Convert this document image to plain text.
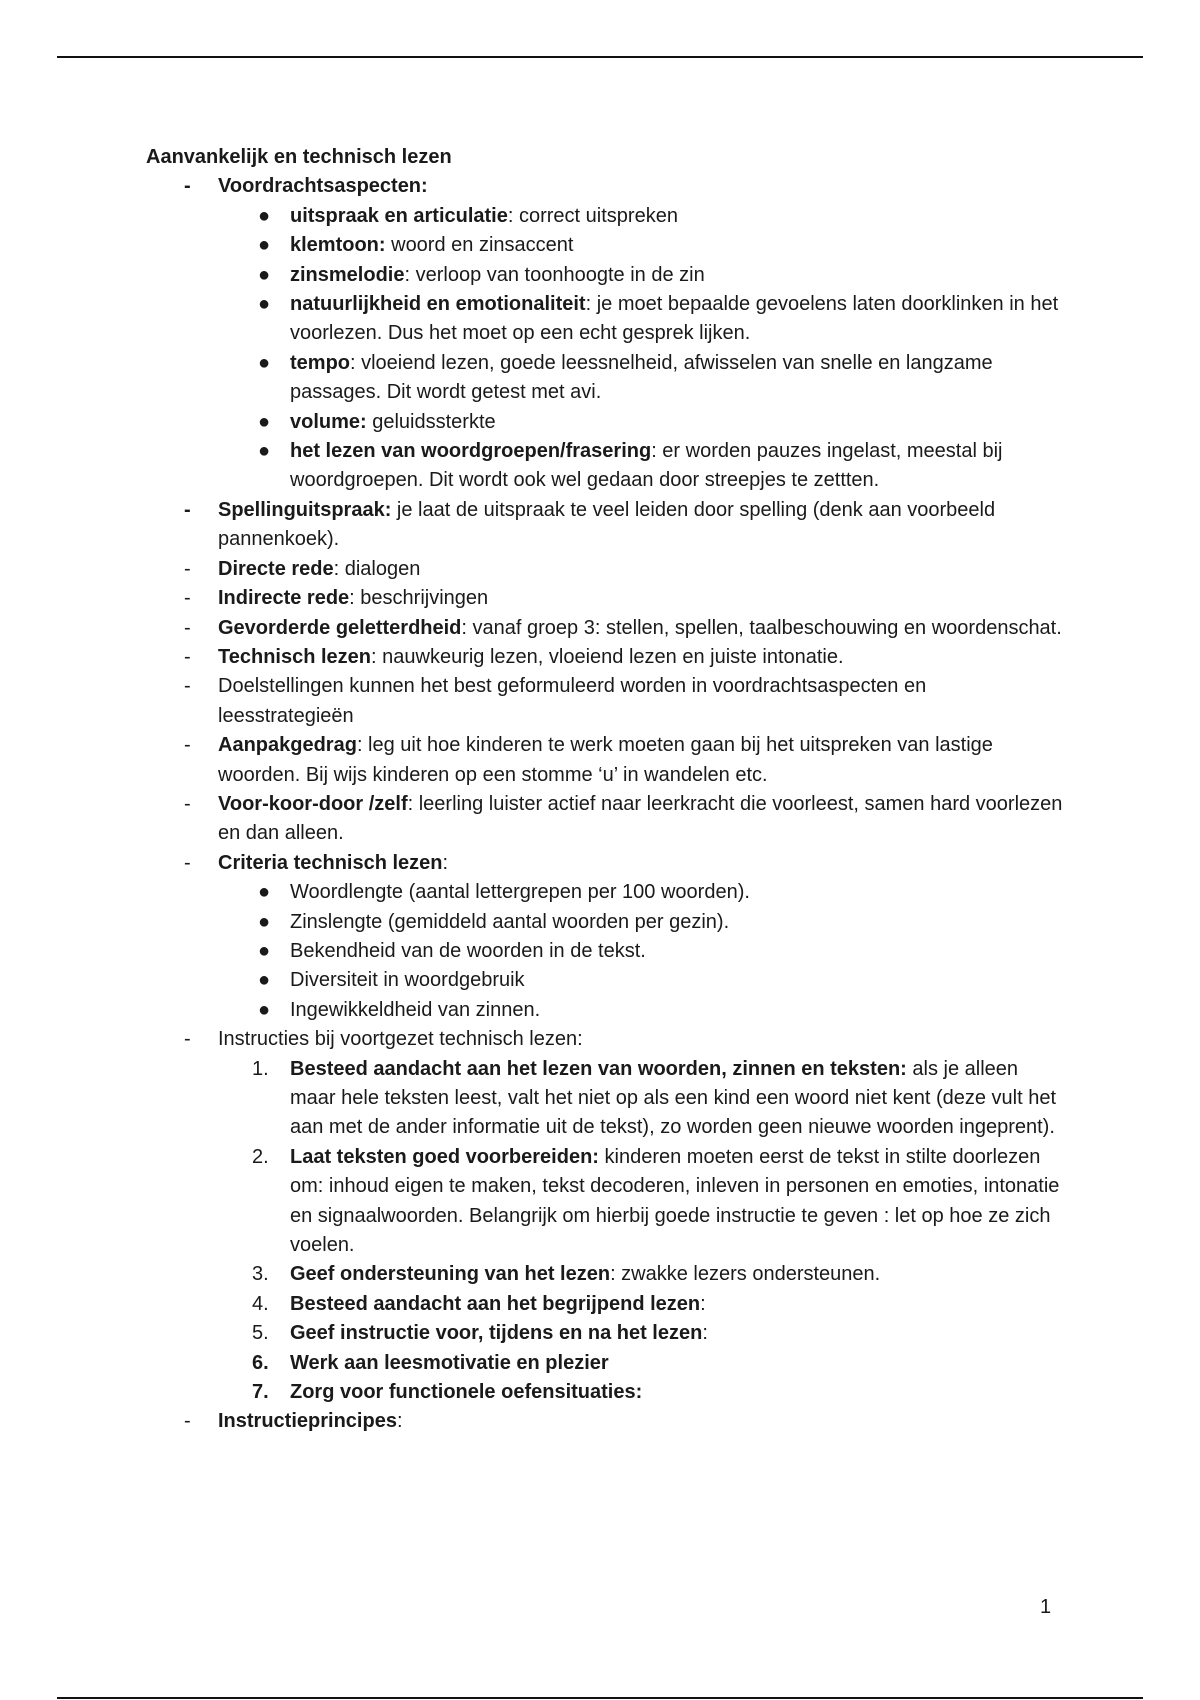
Aanvankelijk en technisch lezen

-	Voordrachtsaspecten:
● uitspraak en articulatie: correct uitspreken
● klemtoon: woord en zinsaccent
● zinsmelodie: verloop van toonhoogte in de zin
● natuurlijkheid en emotionaliteit: je moet bepaalde gevoelens laten doorklinken in het voorlezen. Dus het moet op een echt gesprek lijken.
● tempo: vloeiend lezen, goede leessnelheid, afwisselen van snelle en langzame passages. Dit wordt getest met avi.
● volume: geluidssterkte
● het lezen van woordgroepen/frasering: er worden pauzes ingelast, meestal bij woordgroepen. Dit wordt ook wel gedaan door streepjes te zettten.
-	Spellinguitspraak: je laat de uitspraak te veel leiden door spelling (denk aan voorbeeld pannenkoek).
-	Directe rede: dialogen
-	Indirecte rede: beschrijvingen
-	Gevorderde geletterdheid: vanaf groep 3: stellen, spellen, taalbeschouwing en woordenschat.
-	Technisch lezen: nauwkeurig lezen, vloeiend lezen en juiste intonatie.
-	Doelstellingen kunnen het best geformuleerd worden in voordrachtsaspecten en leesstrategieën
-	Aanpakgedrag: leg uit hoe kinderen te werk moeten gaan bij het uitspreken van lastige woorden. Bij wijs kinderen op een stomme ‘u’ in wandelen etc.
-	Voor-koor-door /zelf: leerling luister actief naar leerkracht die voorleest, samen hard voorlezen en dan alleen.
-	Criteria technisch lezen:
● Woordlengte (aantal lettergrepen per 100 woorden).
● Zinslengte (gemiddeld aantal woorden per gezin).
● Bekendheid van de woorden in de tekst.
● Diversiteit in woordgebruik
● Ingewikkeldheid van zinnen.
-	Instructies bij voortgezet technisch lezen:
1. Besteed aandacht aan het lezen van woorden, zinnen en teksten: als je alleen maar hele teksten leest, valt het niet op als een kind een woord niet kent (deze vult het aan met de ander informatie uit de tekst), zo worden geen nieuwe woorden ingeprent).
2. Laat teksten goed voorbereiden: kinderen moeten eerst de tekst in stilte doorlezen om: inhoud eigen te maken, tekst decoderen, inleven in personen en emoties, intonatie en signaalwoorden. Belangrijk om hierbij goede instructie te geven : let op hoe ze zich voelen.
3. Geef ondersteuning van het lezen: zwakke lezers ondersteunen.
4. Besteed aandacht aan het begrijpend lezen:
5. Geef instructie voor, tijdens en na het lezen:
6. Werk aan leesmotivatie en plezier
7. Zorg voor functionele oefensituaties:
-	Instructieprincipes:
1
